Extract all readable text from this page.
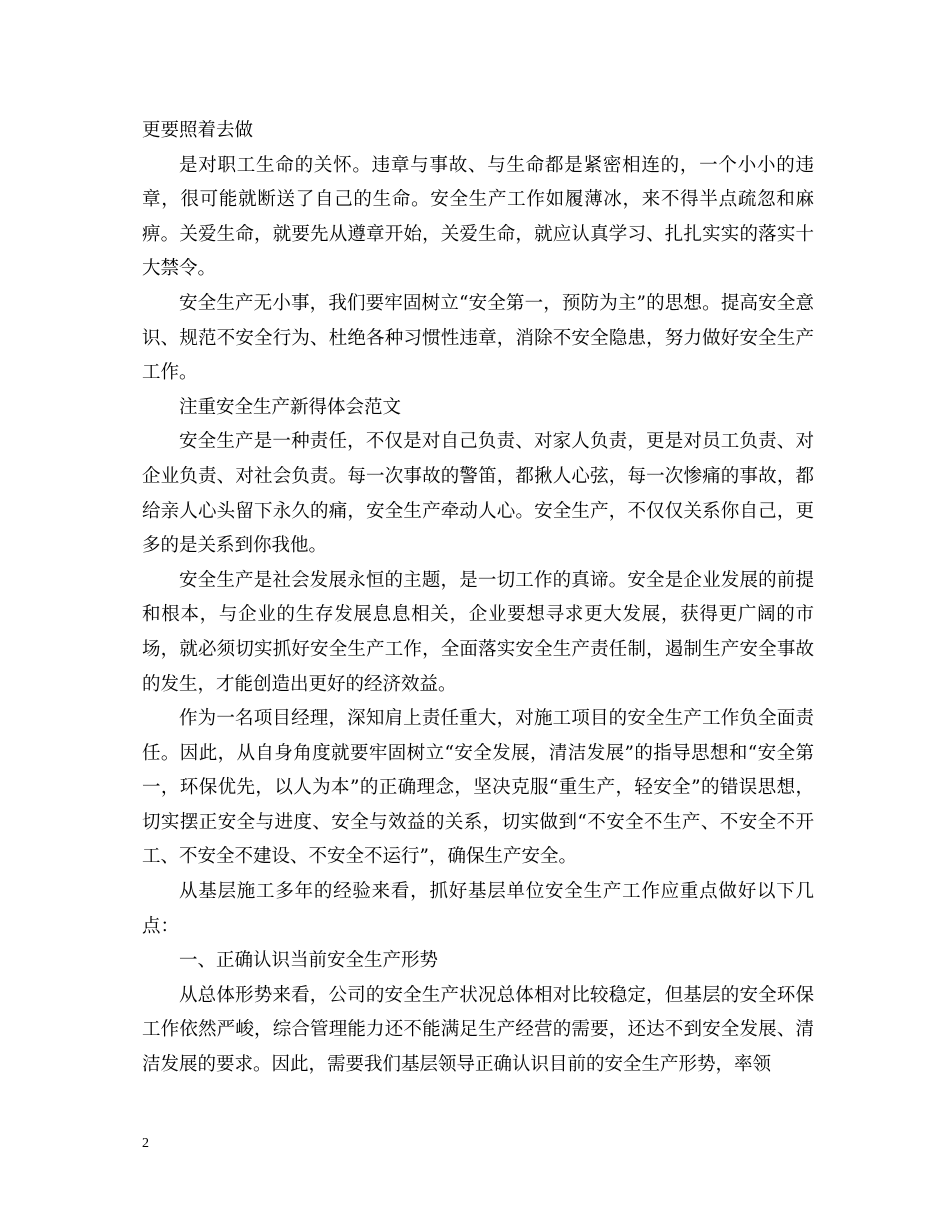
更要照着去做

是对职工生命的关怀。违章与事故、与生命都是紧密相连的，一个小小的违章，很可能就断送了自己的生命。安全生产工作如履薄冰，来不得半点疏忽和麻痹。关爱生命，就要先从遵章开始，关爱生命，就应认真学习、扎扎实实的落实十大禁令。

安全生产无小事，我们要牢固树立“安全第一，预防为主”的思想。提高安全意识、规范不安全行为、杜绝各种习惯性违章，消除不安全隐患，努力做好安全生产工作。

注重安全生产新得体会范文

安全生产是一种责任，不仅是对自己负责、对家人负责，更是对员工负责、对企业负责、对社会负责。每一次事故的警笛，都揪人心弦，每一次惨痛的事故，都给亲人心头留下永久的痛，安全生产牵动人心。安全生产，不仅仅关系你自己，更多的是关系到你我他。

安全生产是社会发展永恒的主题，是一切工作的真谛。安全是企业发展的前提和根本，与企业的生存发展息息相关，企业要想寻求更大发展，获得更广阔的市场，就必须切实抓好安全生产工作，全面落实安全生产责任制，遏制生产安全事故的发生，才能创造出更好的经济效益。

作为一名项目经理，深知肩上责任重大，对施工项目的安全生产工作负全面责任。因此，从自身角度就要牢固树立“安全发展，清洁发展”的指导思想和“安全第一，环保优先，以人为本”的正确理念，坚决克服“重生产，轻安全”的错误思想，切实摆正安全与进度、安全与效益的关系，切实做到“不安全不生产、不安全不开工、不安全不建设、不安全不运行”，确保生产安全。

从基层施工多年的经验来看，抓好基层单位安全生产工作应重点做好以下几点：

一、正确认识当前安全生产形势

从总体形势来看，公司的安全生产状况总体相对比较稳定，但基层的安全环保工作依然严峻，综合管理能力还不能满足生产经营的需要，还达不到安全发展、清洁发展的要求。因此，需要我们基层领导正确认识目前的安全生产形势，率领

2
